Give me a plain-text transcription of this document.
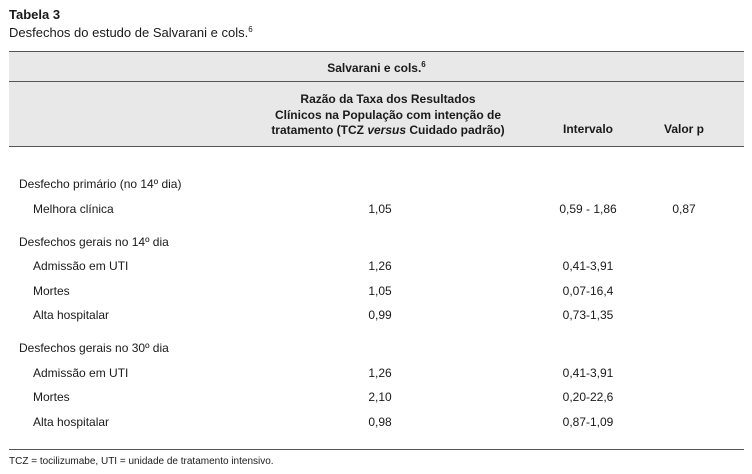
Tabela 3
Desfechos do estudo de Salvarani e cols.$^6$
Salvarani e cols.$^6$
Razão da Taxa dos Resultados
Clínicos na População com intenção de
tratamento (TCZ versus Cuidado padrão)	Intervalo	Valor p
Desfecho primário (no 14º dia)
Melhora clínica	1,05	0,59 - 1,86	0,87
Desfechos gerais no 14º dia
Admissão em UTI	1,26	0,41-3,91
Mortes	1,05	0,07-16,4
Alta hospitalar	0,99	0,73-1,35
Desfechos gerais no 30º dia
Admissão em UTI	1,26	0,41-3,91
Mortes	2,10	0,20-22,6
Alta hospitalar	0,98	0,87-1,09
TCZ = tocilizumabe, UTI = unidade de tratamento intensivo.
